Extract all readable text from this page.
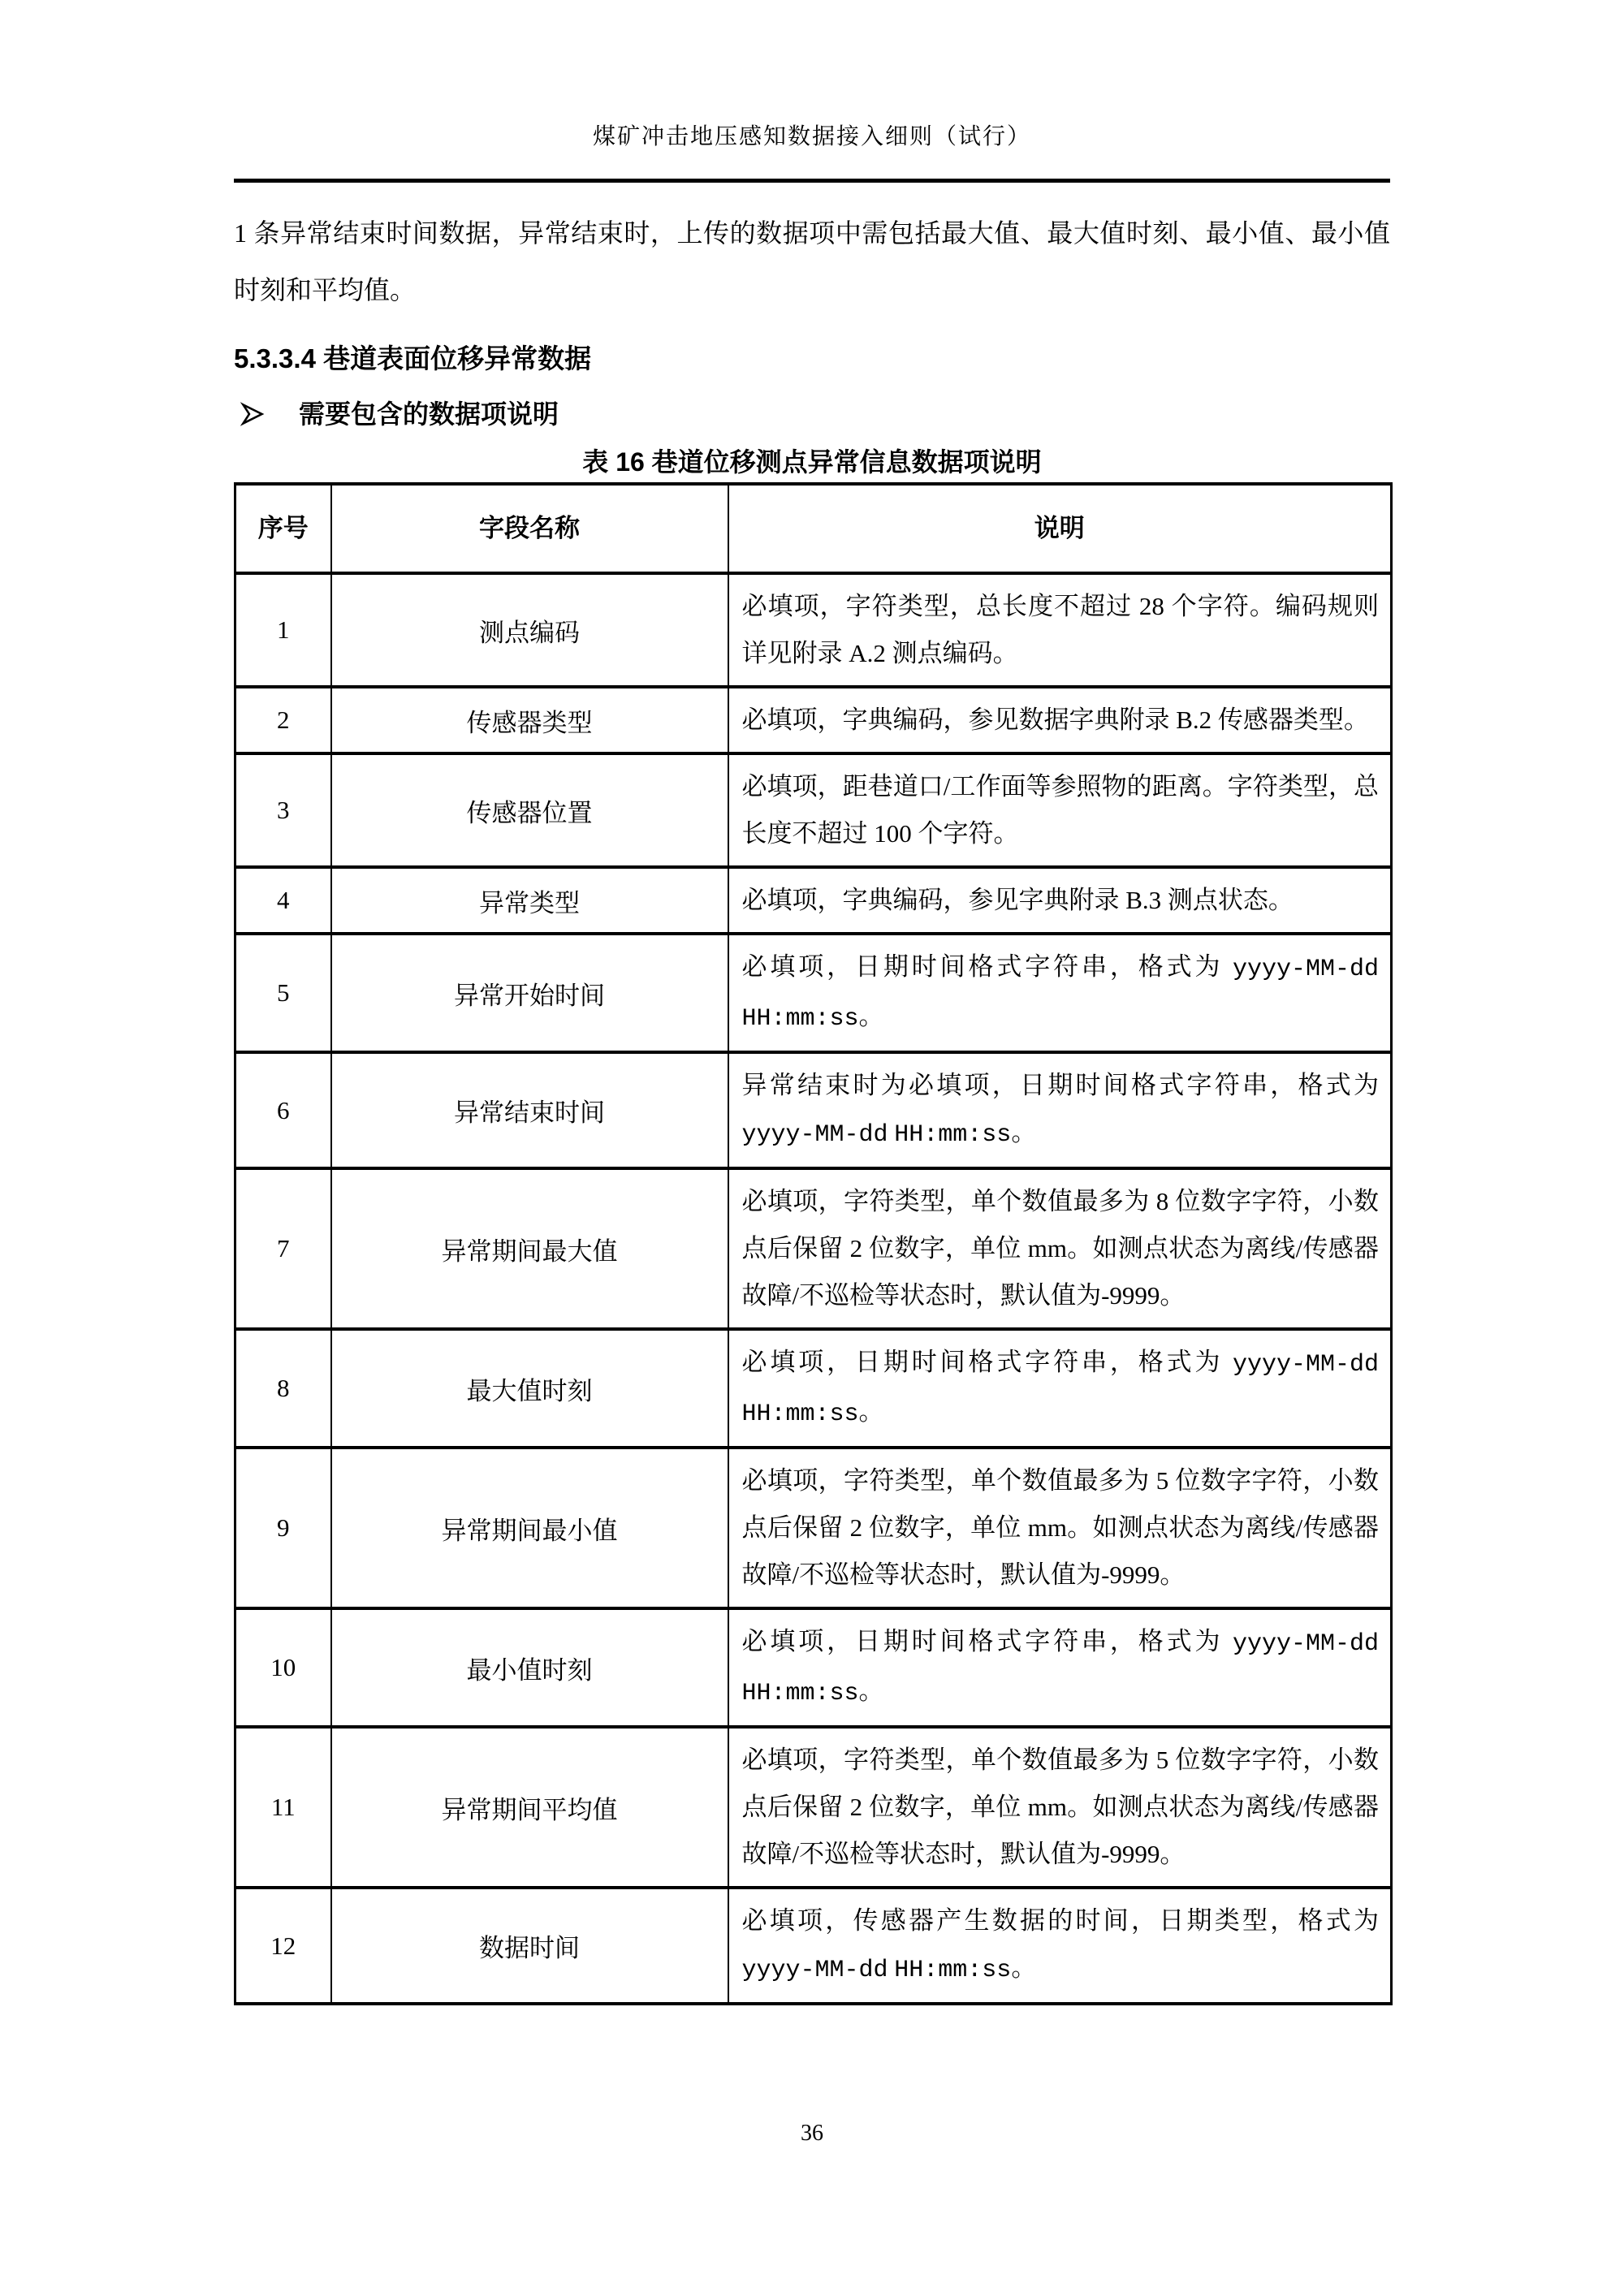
煤矿冲击地压感知数据接入细则（试行）

1 条异常结束时间数据，异常结束时，上传的数据项中需包括最大值、最大值时刻、最小值、最小值时刻和平均值。

5.3.3.4 巷道表面位移异常数据
需要包含的数据项说明
表 16 巷道位移测点异常信息数据项说明
序号	字段名称	说明
1	测点编码	必填项，字符类型，总长度不超过 28 个字符。编码规则详见附录 A.2 测点编码。
2	传感器类型	必填项，字典编码，参见数据字典附录 B.2 传感器类型。
3	传感器位置	必填项，距巷道口/工作面等参照物的距离。字符类型，总长度不超过 100 个字符。
4	异常类型	必填项，字典编码，参见字典附录 B.3 测点状态。
5	异常开始时间	必填项，日期时间格式字符串，格式为 yyyy-MM-dd HH:mm:ss。
6	异常结束时间	异常结束时为必填项，日期时间格式字符串，格式为 yyyy-MM-dd HH:mm:ss。
7	异常期间最大值	必填项，字符类型，单个数值最多为 8 位数字字符，小数点后保留 2 位数字，单位 mm。如测点状态为离线/传感器故障/不巡检等状态时，默认值为-9999。
8	最大值时刻	必填项，日期时间格式字符串，格式为 yyyy-MM-dd HH:mm:ss。
9	异常期间最小值	必填项，字符类型，单个数值最多为 5 位数字字符，小数点后保留 2 位数字，单位 mm。如测点状态为离线/传感器故障/不巡检等状态时，默认值为-9999。
10	最小值时刻	必填项，日期时间格式字符串，格式为 yyyy-MM-dd HH:mm:ss。
11	异常期间平均值	必填项，字符类型，单个数值最多为 5 位数字字符，小数点后保留 2 位数字，单位 mm。如测点状态为离线/传感器故障/不巡检等状态时，默认值为-9999。
12	数据时间	必填项，传感器产生数据的时间，日期类型，格式为 yyyy-MM-dd HH:mm:ss。
36
